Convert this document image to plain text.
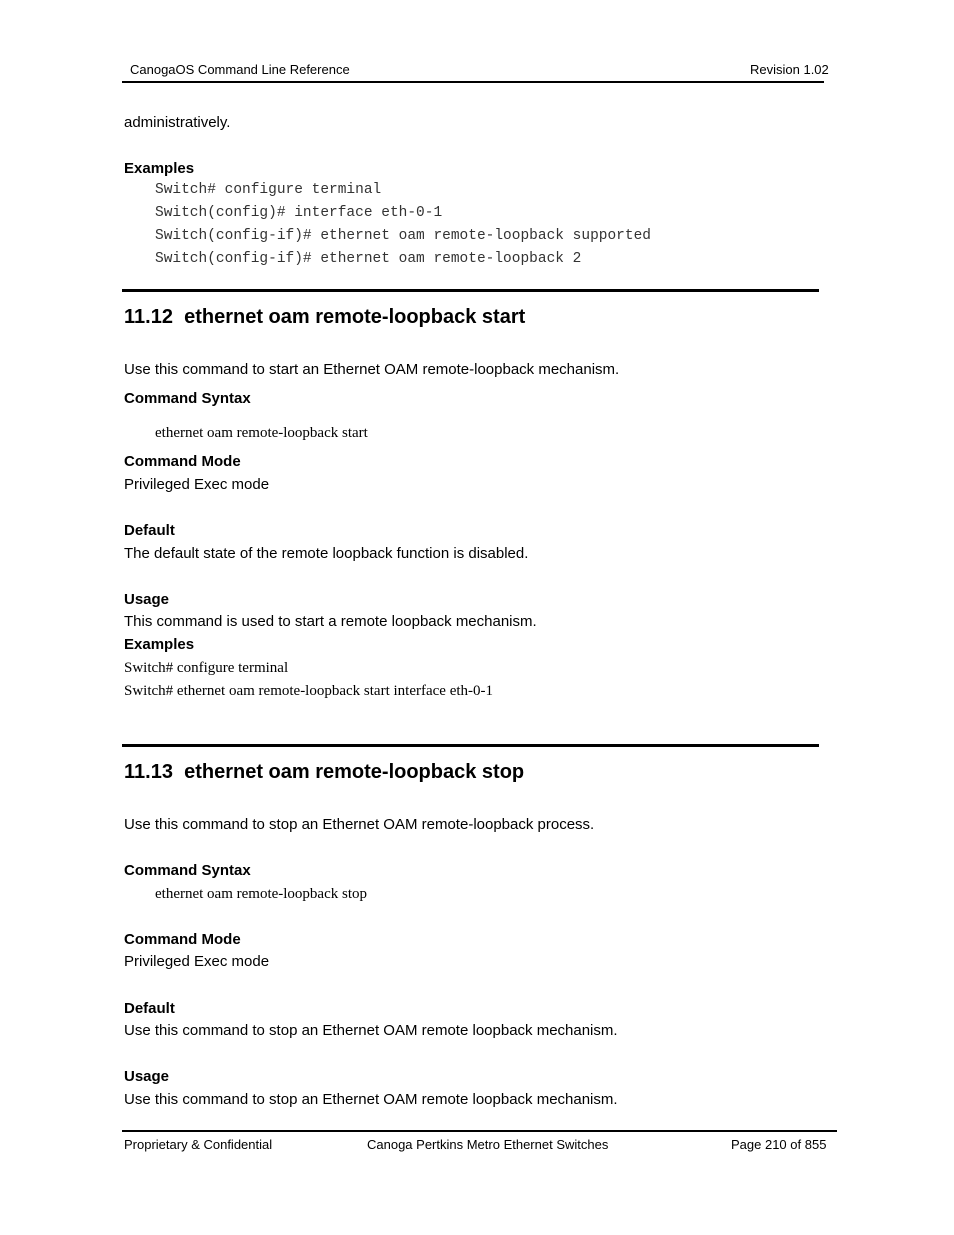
CanogaOS Command Line Reference	Revision 1.02
administratively.
Examples
Switch# configure terminal
Switch(config)# interface eth-0-1
Switch(config-if)# ethernet oam remote-loopback supported
Switch(config-if)# ethernet oam remote-loopback 2
11.12 ethernet oam remote-loopback start
Use this command to start an Ethernet OAM remote-loopback mechanism.
Command Syntax
ethernet oam remote-loopback start
Command Mode
Privileged Exec mode
Default
The default state of the remote loopback function is disabled.
Usage
This command is used to start a remote loopback mechanism.
Examples
Switch# configure terminal
Switch# ethernet oam remote-loopback start interface eth-0-1
11.13 ethernet oam remote-loopback stop
Use this command to stop an Ethernet OAM remote-loopback process.
Command Syntax
ethernet oam remote-loopback stop
Command Mode
Privileged Exec mode
Default
Use this command to stop an Ethernet OAM remote loopback mechanism.
Usage
Use this command to stop an Ethernet OAM remote loopback mechanism.
Proprietary & Confidential	Canoga Pertkins Metro Ethernet Switches	Page 210 of 855
